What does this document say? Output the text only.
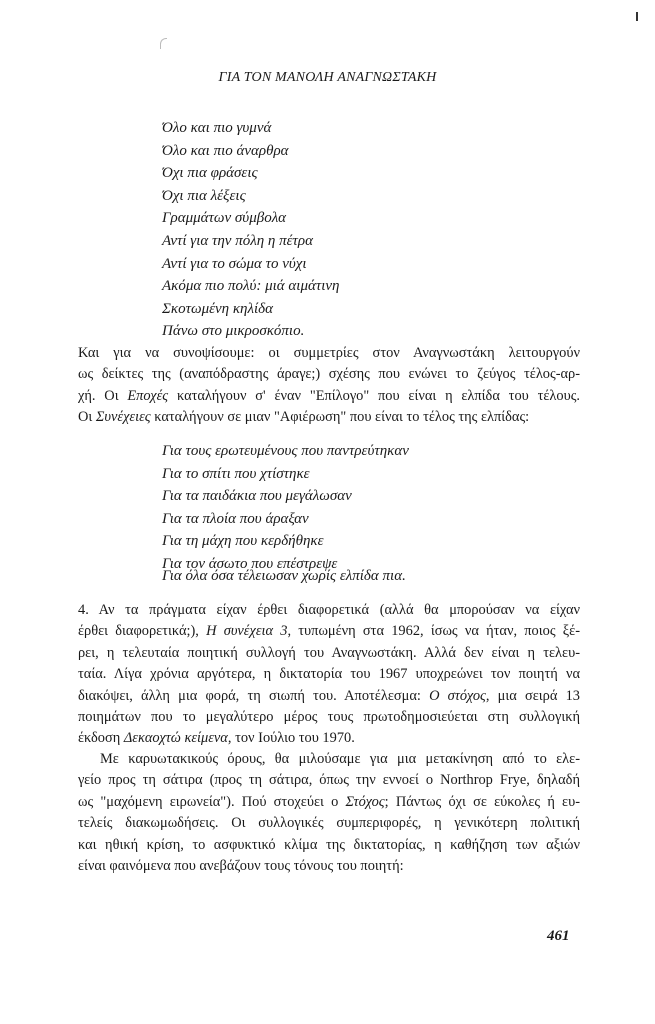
ΓΙΑ ΤΟΝ ΜΑΝΟΛΗ ΑΝΑΓΝΩΣΤΑΚΗ
Όλο και πιο γυμνά
Όλο και πιο άναρθρα
Όχι πια φράσεις
Όχι πια λέξεις
Γραμμάτων σύμβολα
Αντί για την πόλη η πέτρα
Αντί για το σώμα το νύχι
Ακόμα πιο πολύ: μιά αιμάτινη
Σκοτωμένη κηλίδα
Πάνω στο μικροσκόπιο.
Και για να συνοψίσουμε: οι συμμετρίες στον Αναγνωστάκη λειτουργούν
ως δείκτες της (αναπόδραστης άραγε;) σχέσης που ενώνει το ζεύγος τέλος-αρ-
χή. Οι Εποχές καταλήγουν σ' έναν "Επίλογο" που είναι η ελπίδα του τέλους.
Οι Συνέχειες καταλήγουν σε μιαν "Αφιέρωση" που είναι το τέλος της ελπίδας:
Για τους ερωτευμένους που παντρεύτηκαν
Για το σπίτι που χτίστηκε
Για τα παιδάκια που μεγάλωσαν
Για τα πλοία που άραξαν
Για τη μάχη που κερδήθηκε
Για τον άσωτο που επέστρεψε
Για όλα όσα τέλειωσαν χωρίς ελπίδα πια.
4. Αν τα πράγματα είχαν έρθει διαφορετικά (αλλά θα μπορούσαν να είχαν
έρθει διαφορετικά;), Η συνέχεια 3, τυπωμένη στα 1962, ίσως να ήταν, ποιος ξέ-
ρει, η τελευταία ποιητική συλλογή του Αναγνωστάκη. Αλλά δεν είναι η τελευ-
ταία. Λίγα χρόνια αργότερα, η δικτατορία του 1967 υποχρεώνει τον ποιητή να
διακόψει, άλλη μια φορά, τη σιωπή του. Αποτέλεσμα: Ο στόχος, μια σειρά 13
ποιημάτων που το μεγαλύτερο μέρος τους πρωτοδημοσιεύεται στη συλλογική
έκδοση Δεκαοχτώ κείμενα, τον Ιούλιο του 1970.
Με καρυωτακικούς όρους, θα μιλούσαμε για μια μετακίνηση από το ελε-
γείο προς τη σάτιρα (προς τη σάτιρα, όπως την εννοεί ο Northrop Frye, δηλαδή
ως "μαχόμενη ειρωνεία"). Πού στοχεύει ο Στόχος; Πάντως όχι σε εύκολες ή ευ-
τελείς διακωμωδήσεις. Οι συλλογικές συμπεριφορές, η γενικότερη πολιτική
και ηθική κρίση, το ασφυκτικό κλίμα της δικτατορίας, η καθήζηση των αξιών
είναι φαινόμενα που ανεβάζουν τους τόνους του ποιητή:
461
